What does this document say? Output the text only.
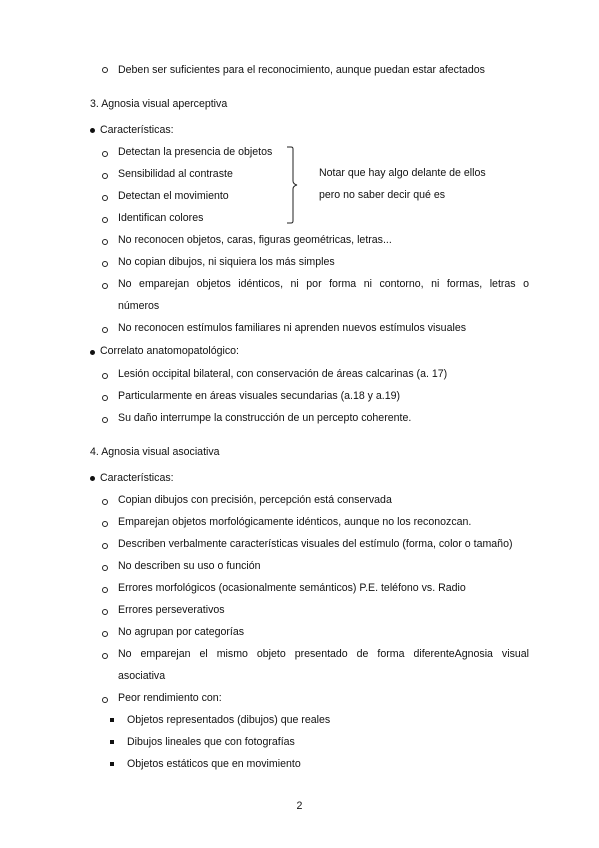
Deben ser suficientes para el reconocimiento, aunque puedan estar afectados
3. Agnosia visual aperceptiva
Características:
Detectan la presencia de objetos
Sensibilidad al contraste
Detectan el movimiento
Identifican colores
Notar que hay algo delante de ellos
pero no saber decir qué es
No reconocen objetos, caras, figuras geométricas, letras...
No copian dibujos, ni siquiera los más simples
No emparejan objetos idénticos, ni por forma ni contorno, ni formas, letras o
números
No reconocen estímulos familiares ni aprenden nuevos estímulos visuales
Correlato anatomopatológico:
Lesión occipital bilateral, con conservación de áreas calcarinas (a. 17)
Particularmente en áreas visuales secundarias (a.18 y a.19)
Su daño interrumpe la construcción de un percepto coherente.
4. Agnosia visual asociativa
Características:
Copian dibujos con precisión, percepción está conservada
Emparejan objetos morfológicamente idénticos, aunque no los reconozcan.
Describen verbalmente características visuales del estímulo (forma, color o tamaño)
No describen su uso o función
Errores morfológicos (ocasionalmente semánticos) P.E. teléfono vs. Radio
Errores perseverativos
No agrupan por categorías
No emparejan el mismo objeto presentado de forma diferenteAgnosia visual
asociativa
Peor rendimiento con:
Objetos representados (dibujos) que reales
Dibujos lineales que con fotografías
Objetos estáticos que en movimiento
2
